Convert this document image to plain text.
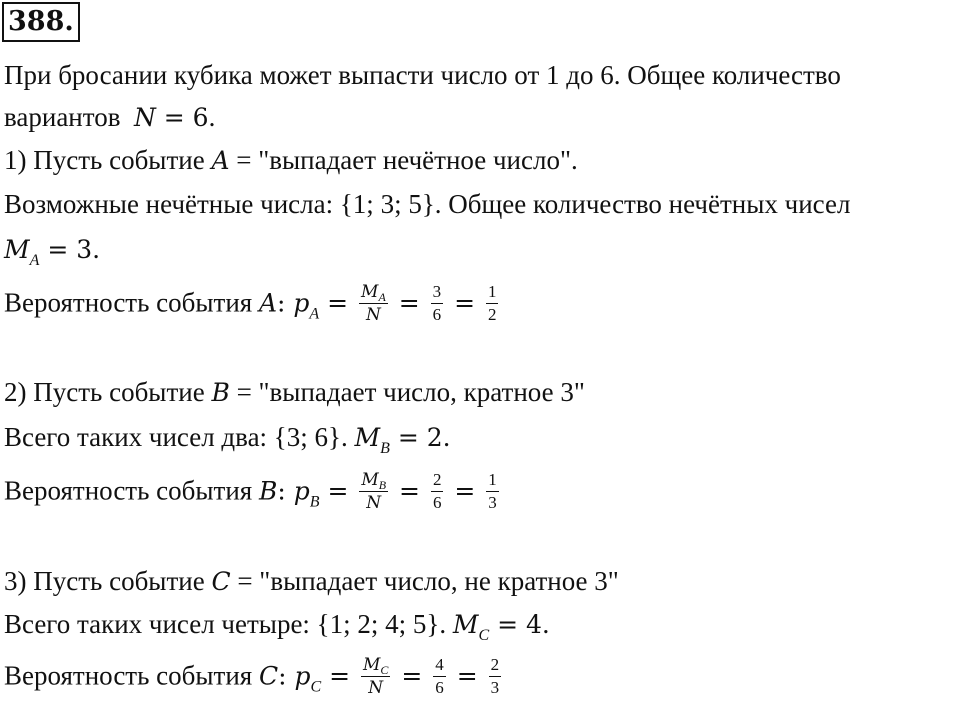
388.
При бросании кубика может выпасти число от 1 до 6. Общее количество
вариантов N = 6.
1) Пусть событие A = "выпадает нечётное число".
Возможные нечётные числа: {1; 3; 5}. Общее количество нечётных чисел
$M_A = 3$.
Вероятность события A: $p_A = \frac{M_A}{N} = \frac{3}{6} = \frac{1}{2}$
2) Пусть событие B = "выпадает число, кратное 3"
Всего таких чисел два: {3; 6}. $M_B = 2$.
Вероятность события B: $p_B = \frac{M_B}{N} = \frac{2}{6} = \frac{1}{3}$
3) Пусть событие C = "выпадает число, не кратное 3"
Всего таких чисел четыре: {1; 2; 4; 5}. $M_C = 4$.
Вероятность события C: $p_C = \frac{M_C}{N} = \frac{4}{6} = \frac{2}{3}$
